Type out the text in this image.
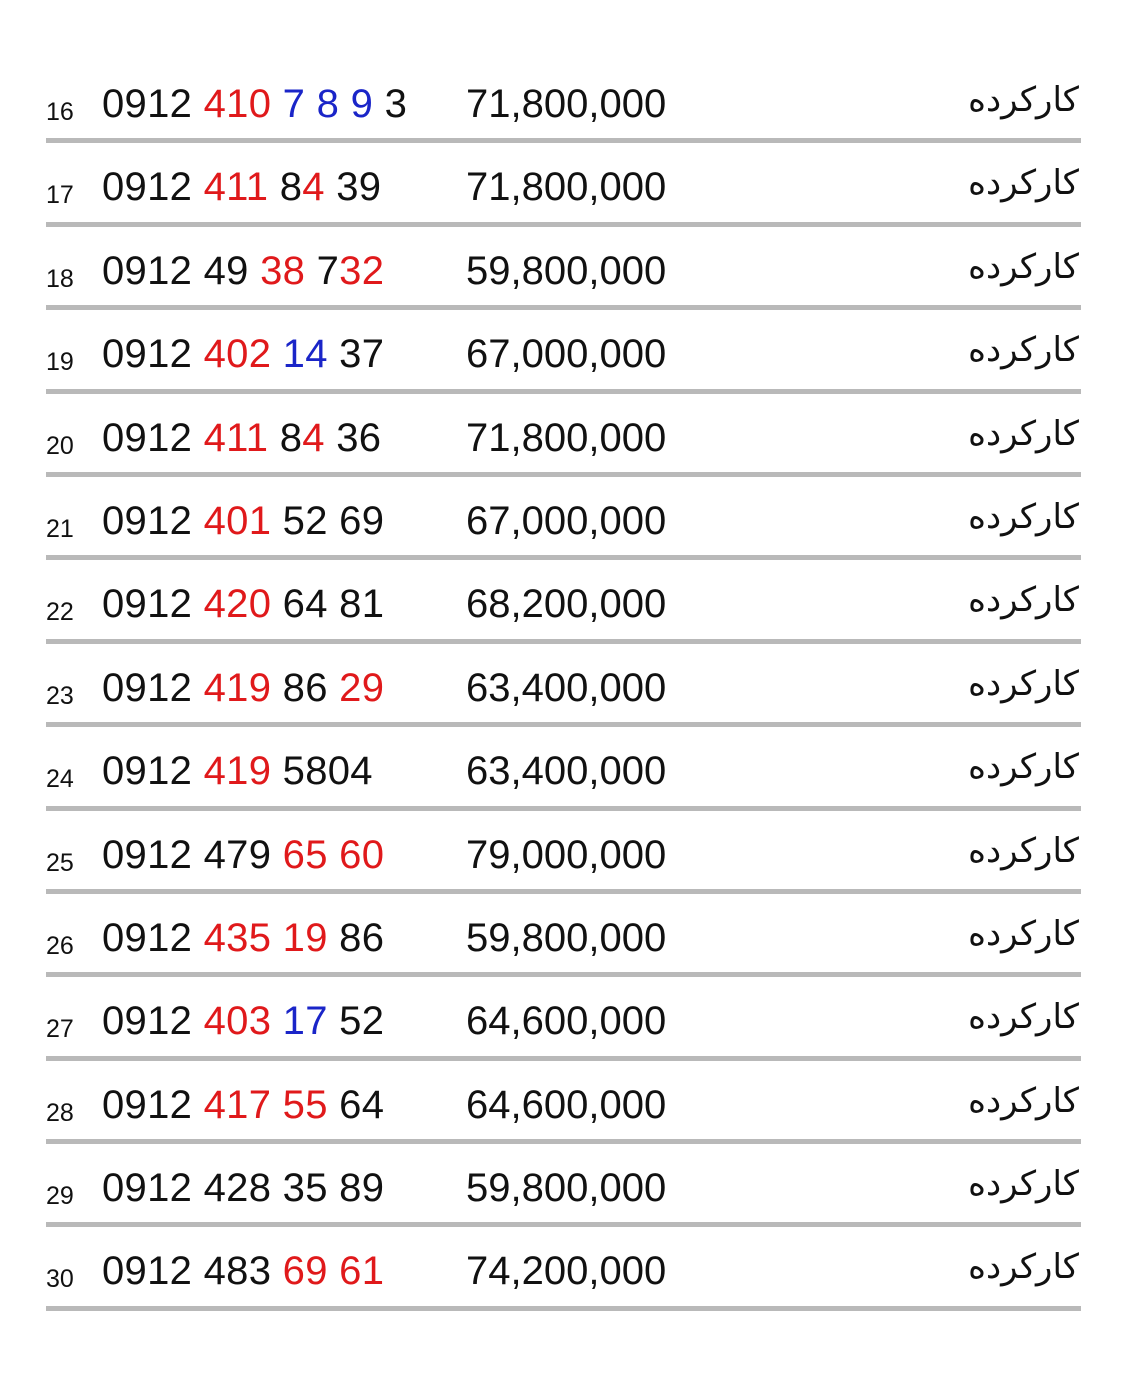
16 0912 410 7 8 9 3 71,800,000	کارکرده
17 0912 411 84 39 71,800,000	کارکرده
18 0912 49 38 732 59,800,000	کارکرده
19 0912 402 14 37 67,000,000	کارکرده
20 0912 411 84 36 71,800,000	کارکرده
21 0912 401 52 69 67,000,000	کارکرده
22 0912 420 64 81 68,200,000	کارکرده
23 0912 419 86 29 63,400,000	کارکرده
24 0912 419 5804 63,400,000	کارکرده
25 0912 479 65 60 79,000,000	کارکرده
26 0912 435 19 86 59,800,000	کارکرده
27 0912 403 17 52 64,600,000	کارکرده
28 0912 417 55 64 64,600,000	کارکرده
29 0912 428 35 89 59,800,000	کارکرده
30 0912 483 69 61 74,200,000	کارکرده
